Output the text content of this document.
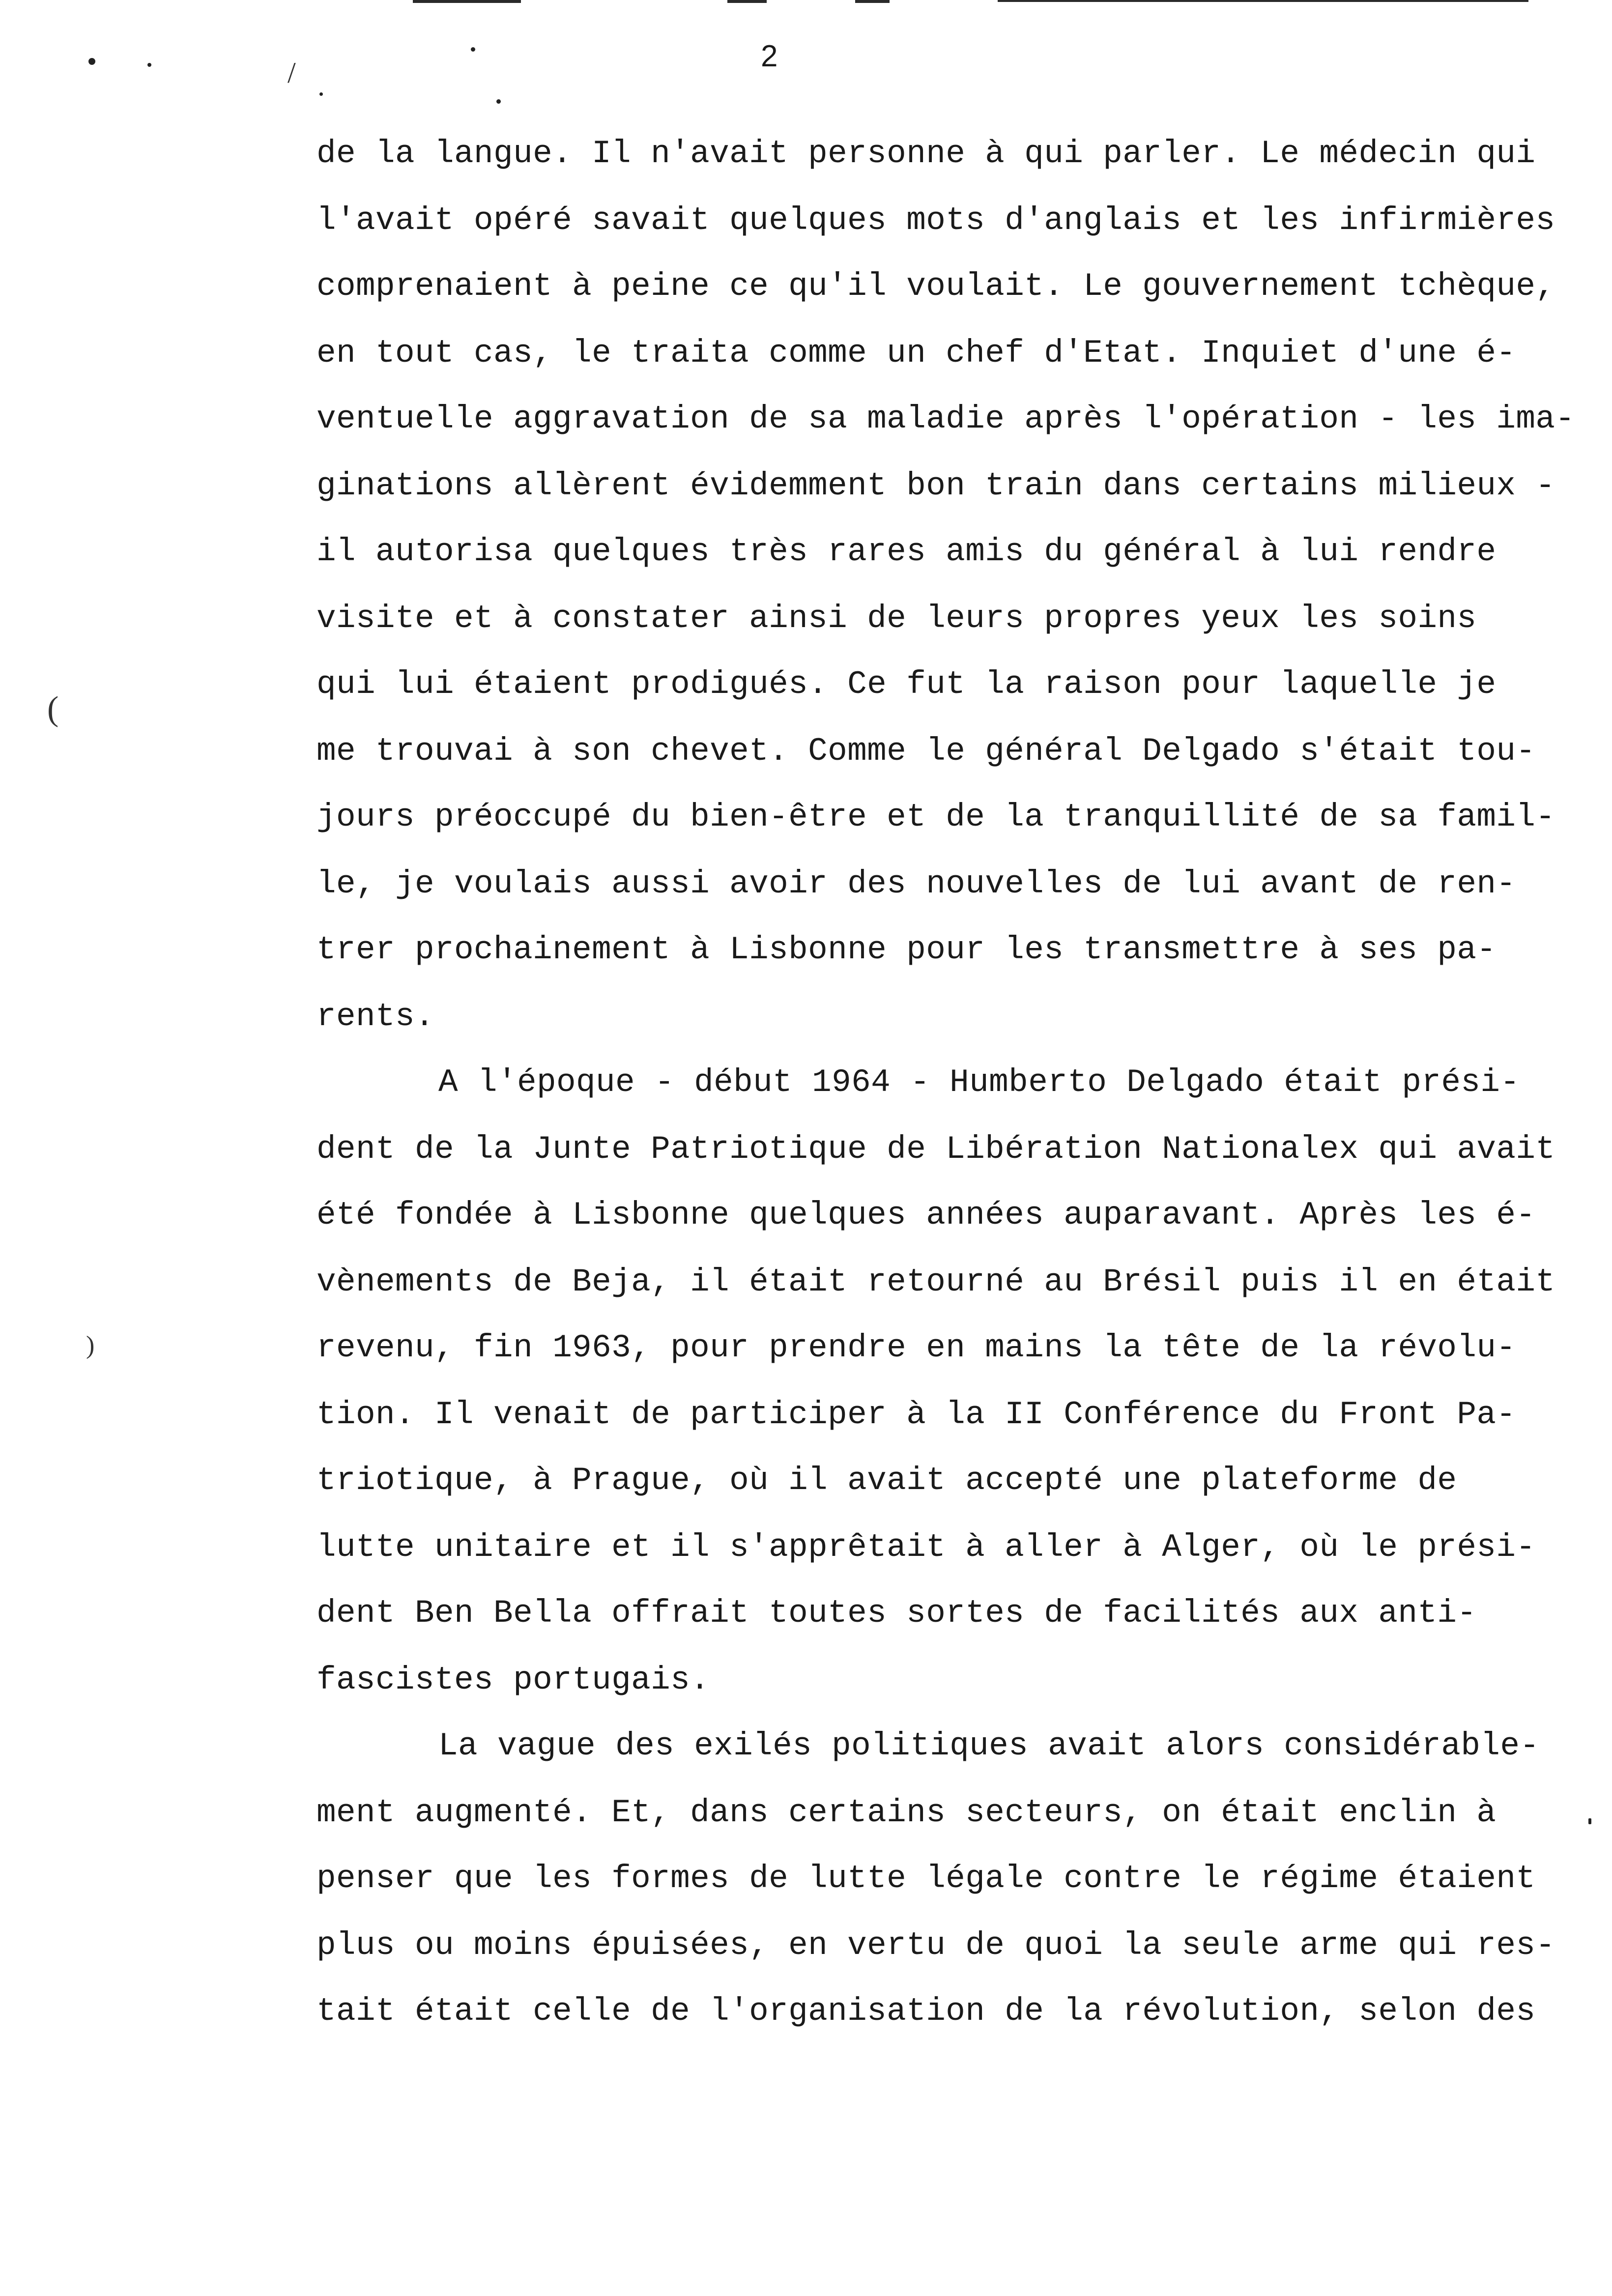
/
(
)
2

de la langue. Il n'avait personne à qui parler. Le médecin qui

l'avait opéré savait quelques mots d'anglais et les infirmières

comprenaient à peine ce qu'il voulait. Le gouvernement tchèque,

en tout cas, le traita comme un chef d'Etat. Inquiet d'une é-

ventuelle aggravation de sa maladie après l'opération - les ima-

ginations allèrent évidemment bon train dans certains milieux -

il autorisa quelques très rares amis du général à lui rendre

visite et à constater ainsi de leurs propres yeux les soins

qui lui étaient prodigués. Ce fut la raison pour laquelle je

me trouvai à son chevet. Comme le général Delgado s'était tou-

jours préoccupé du bien-être et de la tranquillité de sa famil-

le, je voulais aussi avoir des nouvelles de lui avant de ren-

trer prochainement à Lisbonne pour les transmettre à ses pa-

rents.

A l'époque - début 1964 - Humberto Delgado était prési-

dent de la Junte Patriotique de Libération Nationalex qui avait

été fondée à Lisbonne quelques années auparavant. Après les é-

vènements de Beja, il était retourné au Brésil puis il en était

revenu, fin 1963, pour prendre en mains la tête de la révolu-

tion. Il venait de participer à la II Conférence du Front Pa-

triotique, à Prague, où il avait accepté une plateforme de

lutte unitaire et il s'apprêtait à aller à Alger, où le prési-

dent Ben Bella offrait toutes sortes de facilités aux anti-

fascistes portugais.

La vague des exilés politiques avait alors considérable-

ment augmenté. Et, dans certains secteurs, on était enclin à

penser que les formes de lutte légale contre le régime étaient

plus ou moins épuisées, en vertu de quoi la seule arme qui res-

tait était celle de l'organisation de la révolution, selon des
